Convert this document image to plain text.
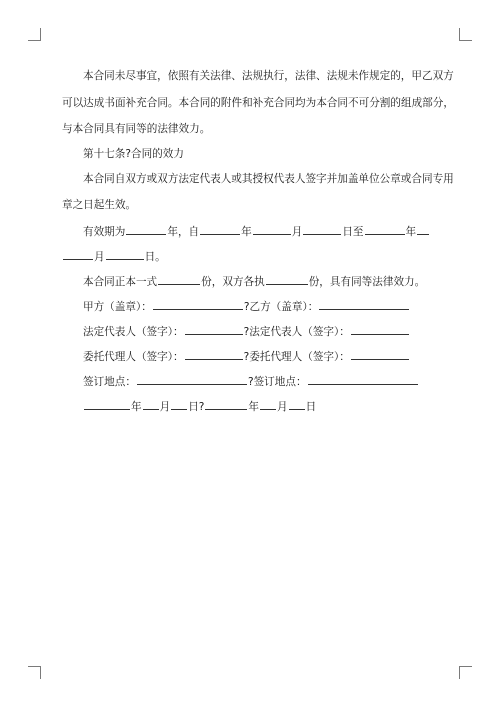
本合同未尽事宜，依照有关法律、法规执行，法律、法规未作规定的，甲乙双方
可以达成书面补充合同。本合同的附件和补充合同均为本合同不可分割的组成部分，
与本合同具有同等的法律效力。
第十七条?合同的效力
本合同自双方或双方法定代表人或其授权代表人签字并加盖单位公章或合同专用
章之日起生效。
有效期为	年，自	年	月	日至	年
月	日。
本合同正本一式	份，双方各执	份，具有同等法律效力。
甲方（盖章）：	?乙方（盖章）：
法定代表人（签字）：	?法定代表人（签字）：
委托代理人（签字）：	?委托代理人（签字）：
签订地点：	?签订地点：
年 月 日?	年 月 日
